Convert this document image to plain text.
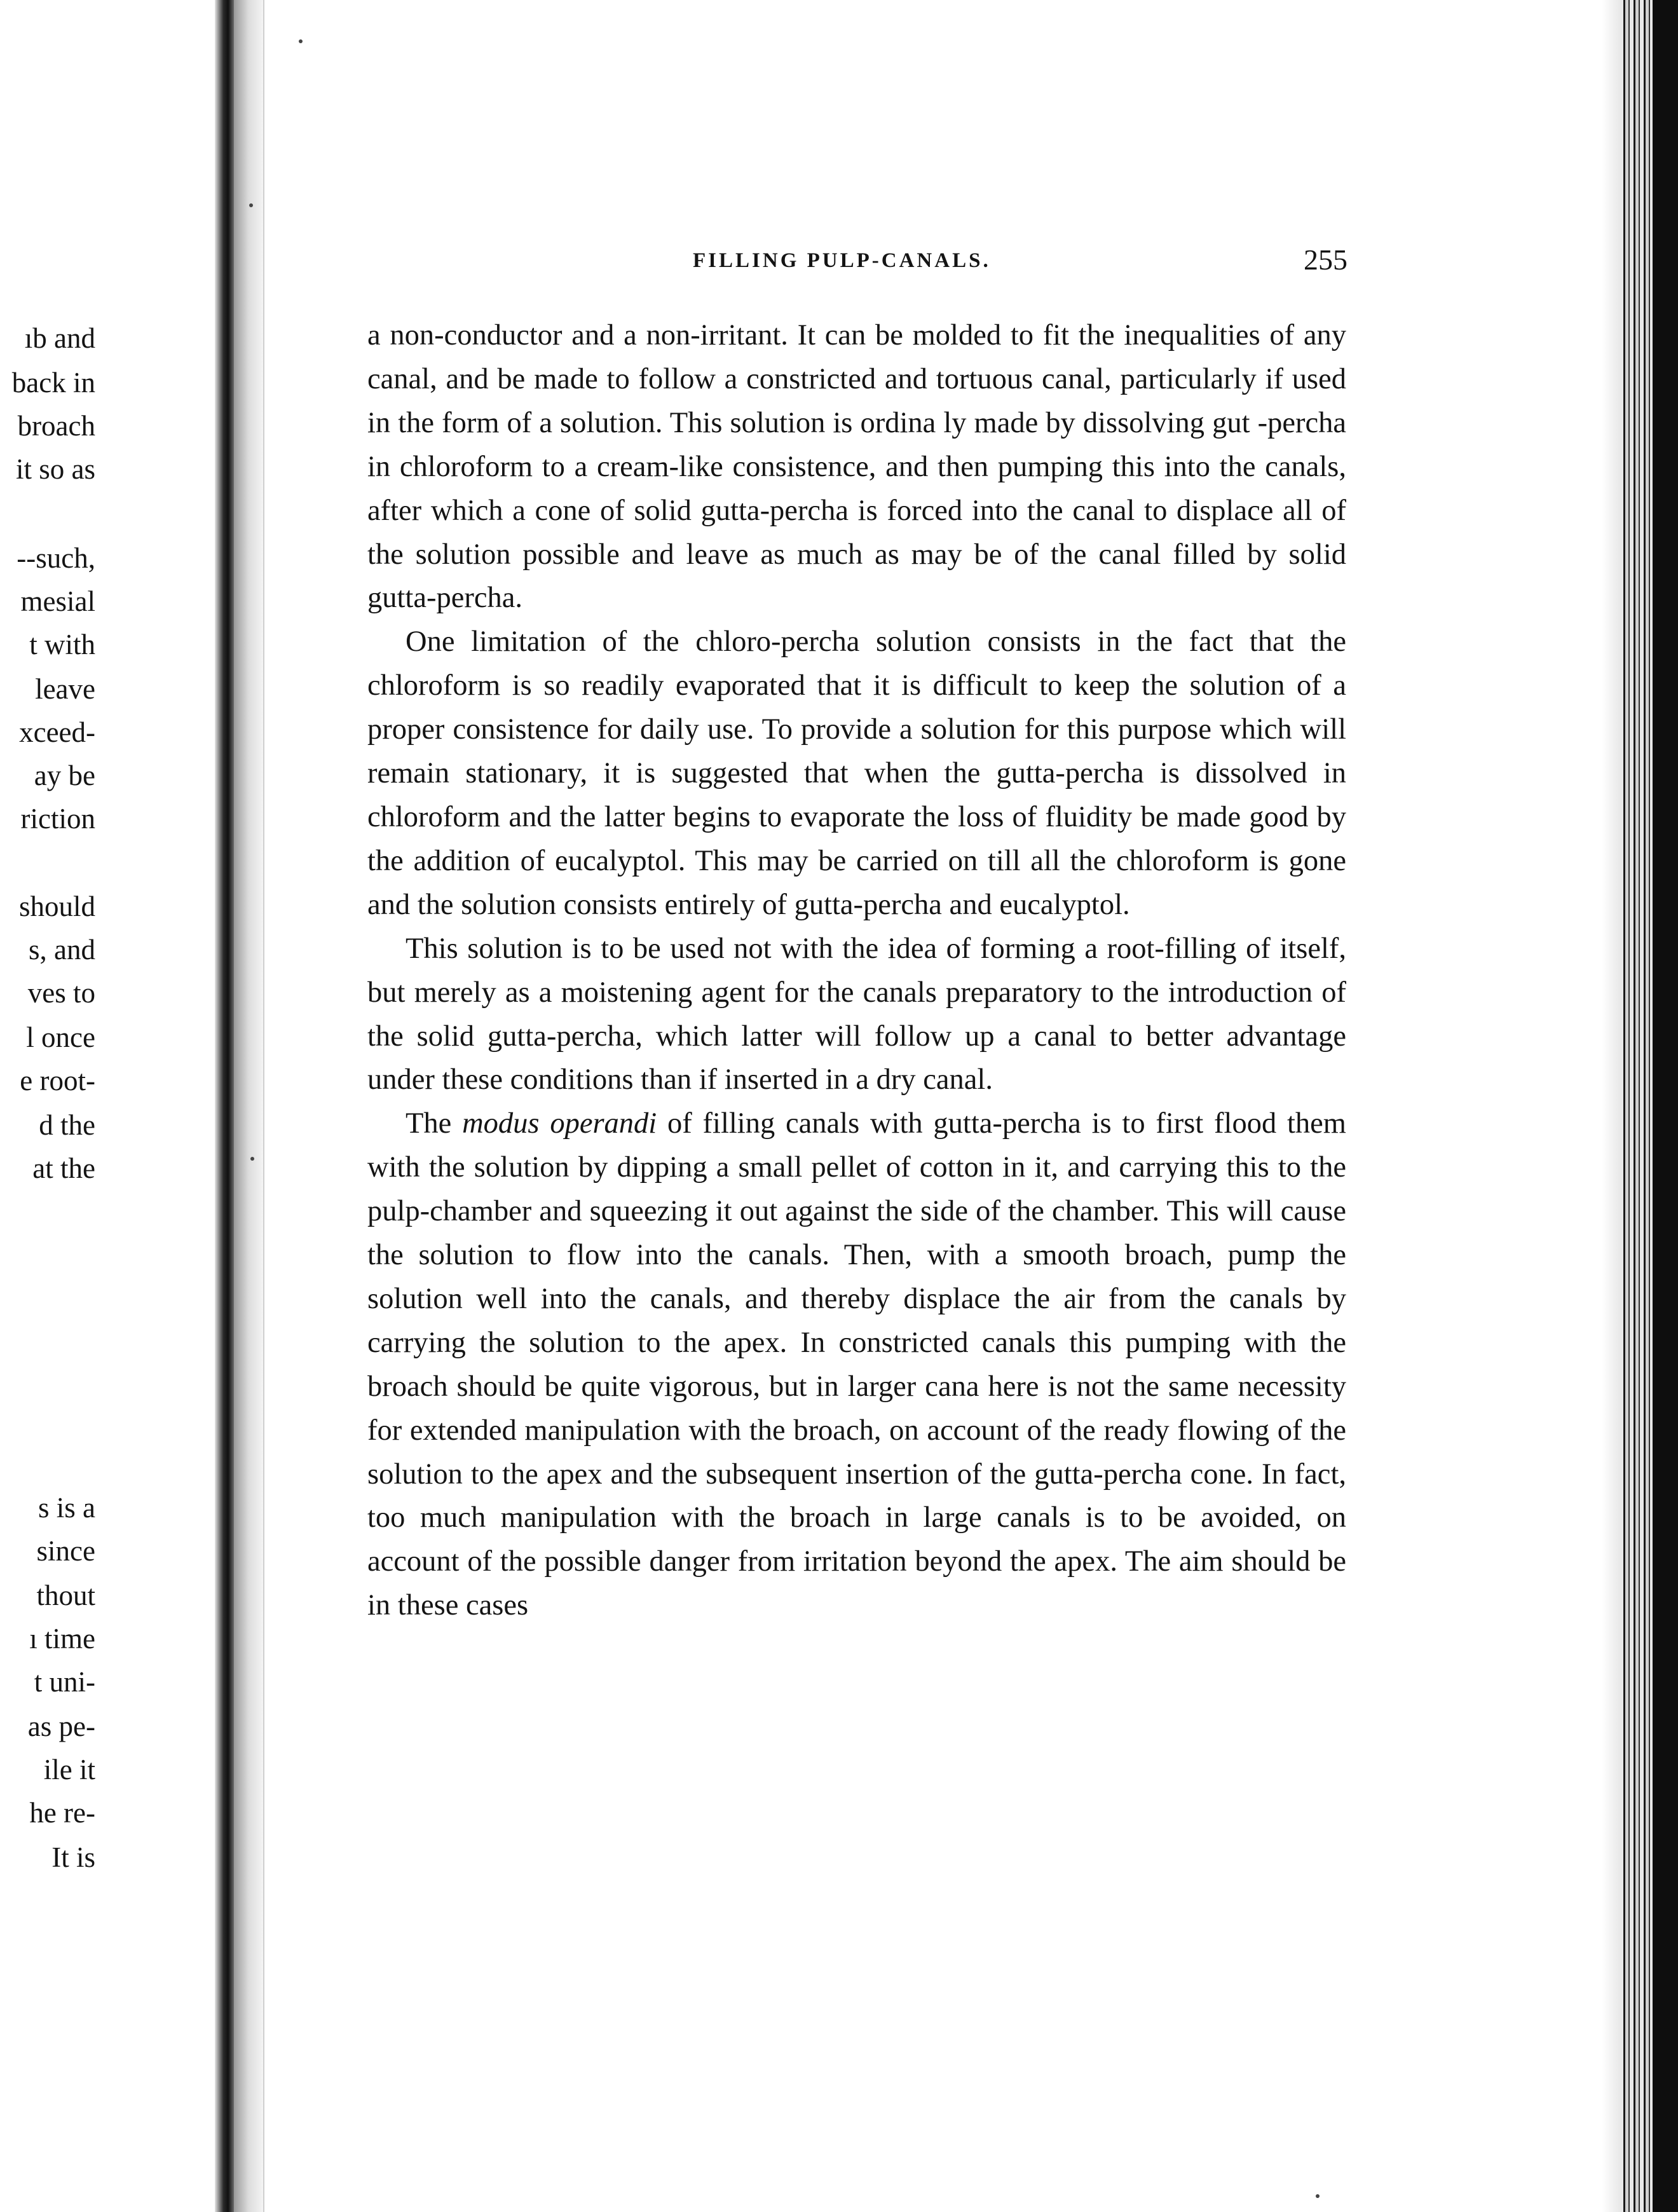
ıb and
back in
broach
it so as
--such,
mesial
t with
leave
xceed-
ay be
riction
should
s, and
ves to
l once
e root-
d the
at the
s is a
since
thout
ı time
t uni-
as pe-
ile it
he re-
It is
FILLING PULP-CANALS.	255

a non-conductor and a non-irritant. It can be molded to fit the inequalities of any canal, and be made to follow a constricted and tortuous canal, particularly if used in the form of a solution. This solution is ordina ly made by dissolving gut -percha in chloroform to a cream-like consistence, and then pumping this into the canals, after which a cone of solid gutta-percha is forced into the canal to displace all of the solution possible and leave as much as may be of the canal filled by solid gutta-percha.

One limitation of the chloro-percha solution consists in the fact that the chloroform is so readily evaporated that it is difficult to keep the solution of a proper consistence for daily use. To provide a solution for this purpose which will remain stationary, it is suggested that when the gutta-percha is dissolved in chloroform and the latter begins to evaporate the loss of fluidity be made good by the addition of eucalyptol. This may be carried on till all the chloroform is gone and the solution consists entirely of gutta-percha and eucalyptol.

This solution is to be used not with the idea of forming a root-filling of itself, but merely as a moistening agent for the canals preparatory to the introduction of the solid gutta-percha, which latter will follow up a canal to better advantage under these conditions than if inserted in a dry canal.

The modus operandi of filling canals with gutta-percha is to first flood them with the solution by dipping a small pellet of cotton in it, and carrying this to the pulp-chamber and squeezing it out against the side of the chamber. This will cause the solution to flow into the canals. Then, with a smooth broach, pump the solution well into the canals, and thereby displace the air from the canals by carrying the solution to the apex. In constricted canals this pumping with the broach should be quite vigorous, but in larger cana here is not the same necessity for extended manipulation with the broach, on account of the ready flowing of the solution to the apex and the subsequent insertion of the gutta-percha cone. In fact, too much manipulation with the broach in large canals is to be avoided, on account of the possible danger from irritation beyond the apex. The aim should be in these cases
